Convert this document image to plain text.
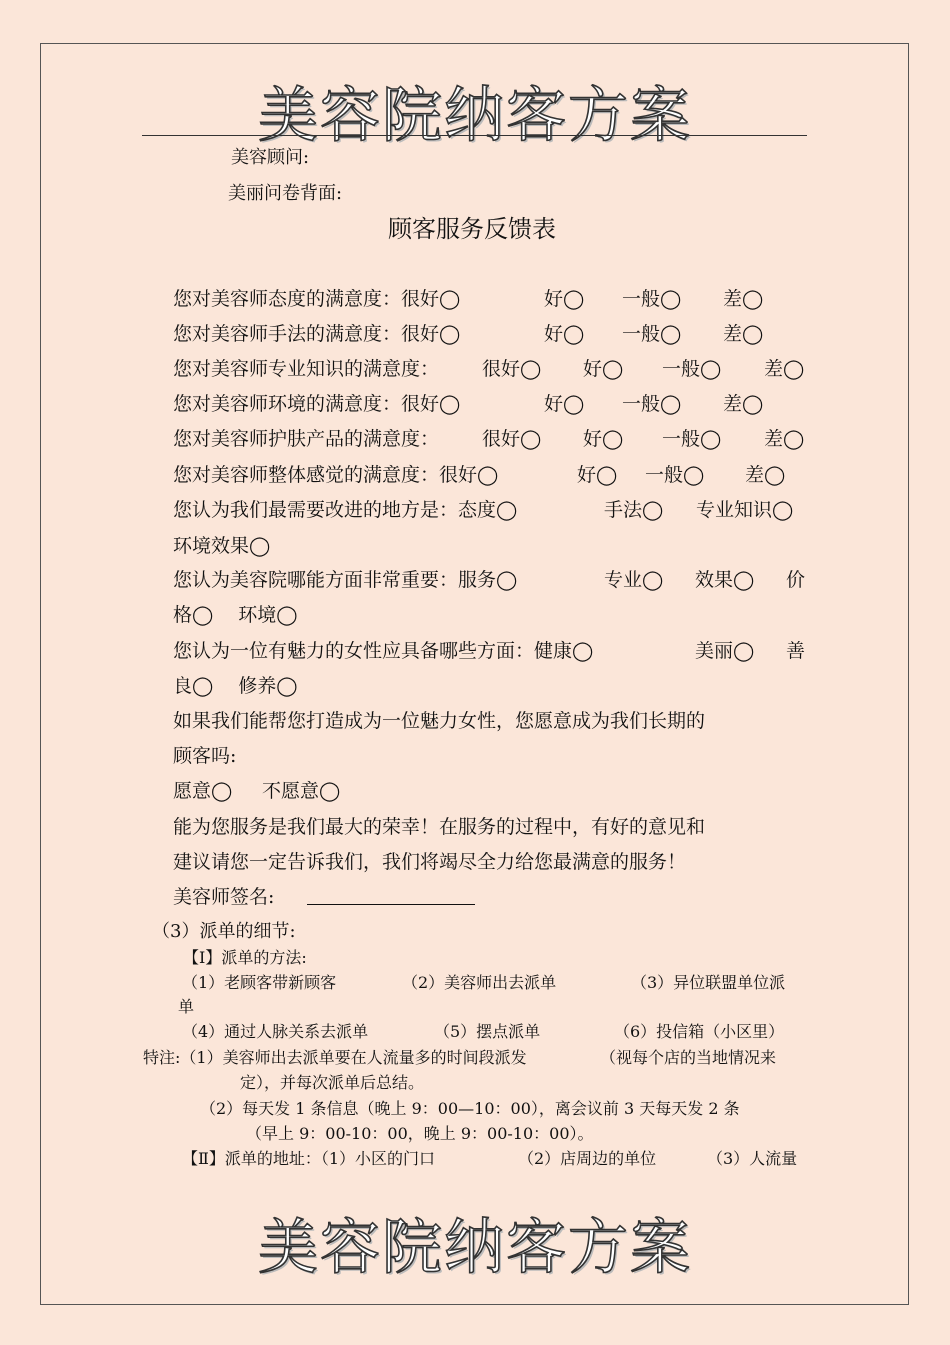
美容院纳客方案
美容顾问:
美丽问卷背面:
顾客服务反馈表
您对美容师态度的满意度：很好◯	好◯ 一般◯ 差◯
您对美容师手法的满意度：很好◯	好◯ 一般◯ 差◯
您对美容师专业知识的满意度： 很好◯ 好◯ 一般◯ 差◯
您对美容师环境的满意度：很好◯	好◯ 一般◯ 差◯
您对美容师护肤产品的满意度： 很好◯ 好◯ 一般◯ 差◯
您对美容师整体感觉的满意度：很好◯	好◯ 一般◯ 差◯
您认为我们最需要改进的地方是：态度◯	手法◯ 专业知识◯
环境效果◯
您认为美容院哪能方面非常重要：服务◯	专业◯ 效果◯ 价
格◯　 环境◯
您认为一位有魅力的女性应具备哪些方面：健康◯	美丽◯ 善
良◯　 修养◯
如果我们能帮您打造成为一位魅力女性，您愿意成为我们长期的
顾客吗:
愿意◯ 不愿意◯
能为您服务是我们最大的荣幸！在服务的过程中，有好的意见和
建议请您一定告诉我们，我们将竭尽全力给您最满意的服务！
美容师签名:
（3）派单的细节:
【Ⅰ】派单的方法:
（1）老顾客带新顾客	（2）美容师出去派单	（3）异位联盟单位派
单
（4）通过人脉关系去派单	（5）摆点派单	（6）投信箱（小区里）
特注:（1）美容师出去派单要在人流量多的时间段派发	（视每个店的当地情况来
定），并每次派单后总结。
（2）每天发 1 条信息（晚上 9：00—10：00），离会议前 3 天每天发 2 条
（早上 9：00-10：00，晚上 9：00-10：00）。
【Ⅱ】派单的地址：（1）小区的门口	（2）店周边的单位	（3）人流量
美容院纳客方案
